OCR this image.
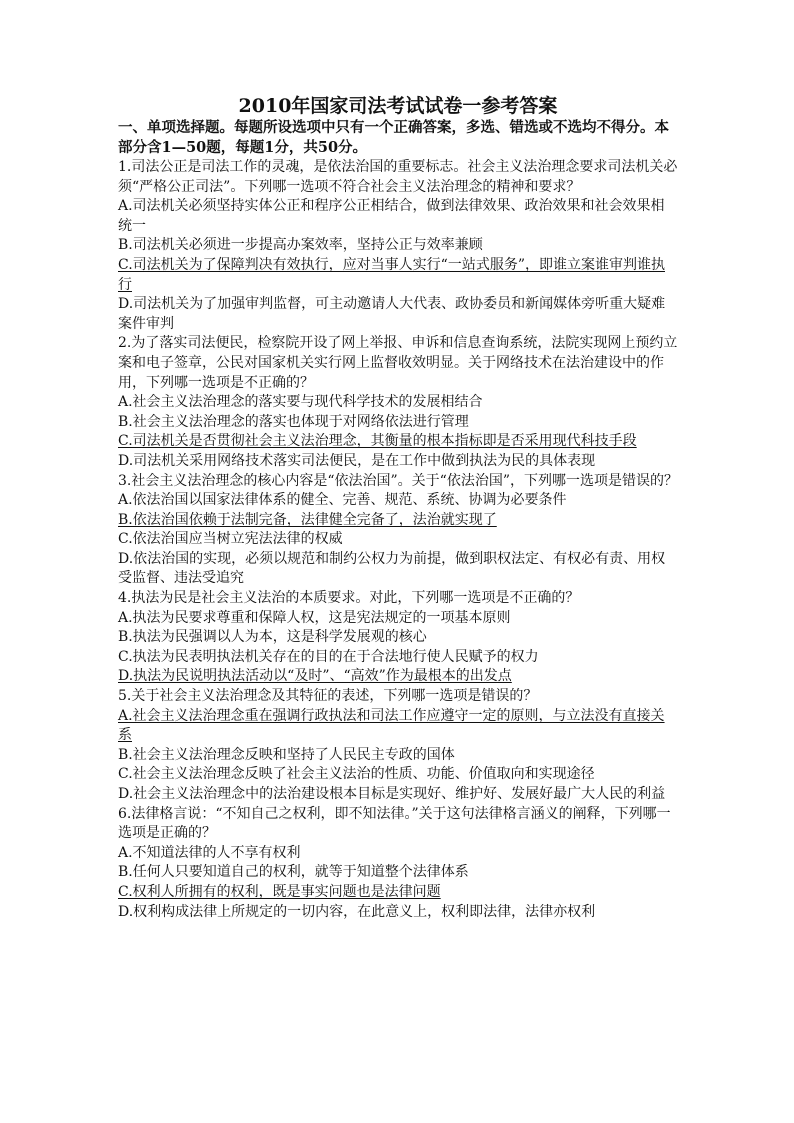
2010年国家司法考试试卷一参考答案
一、单项选择题。每题所设选项中只有一个正确答案，多选、错选或不选均不得分。本部分含1—50题，每题1分，共50分。
1.司法公正是司法工作的灵魂，是依法治国的重要标志。社会主义法治理念要求司法机关必须“严格公正司法”。下列哪一选项不符合社会主义法治理念的精神和要求？
A.司法机关必须坚持实体公正和程序公正相结合，做到法律效果、政治效果和社会效果相统一
B.司法机关必须进一步提高办案效率，坚持公正与效率兼顾
C.司法机关为了保障判决有效执行，应对当事人实行“一站式服务”，即谁立案谁审判谁执行
D.司法机关为了加强审判监督，可主动邀请人大代表、政协委员和新闻媒体旁听重大疑难案件审判
2.为了落实司法便民，检察院开设了网上举报、申诉和信息查询系统，法院实现网上预约立案和电子签章，公民对国家机关实行网上监督收效明显。关于网络技术在法治建设中的作用，下列哪一选项是不正确的？
A.社会主义法治理念的落实要与现代科学技术的发展相结合
B.社会主义法治理念的落实也体现于对网络依法进行管理
C.司法机关是否贯彻社会主义法治理念，其衡量的根本指标即是否采用现代科技手段
D.司法机关采用网络技术落实司法便民，是在工作中做到执法为民的具体表现
3.社会主义法治理念的核心内容是“依法治国”。关于“依法治国”，下列哪一选项是错误的？
A.依法治国以国家法律体系的健全、完善、规范、系统、协调为必要条件
B.依法治国依赖于法制完备，法律健全完备了，法治就实现了
C.依法治国应当树立宪法法律的权威
D.依法治国的实现，必须以规范和制约公权力为前提，做到职权法定、有权必有责、用权受监督、违法受追究
4.执法为民是社会主义法治的本质要求。对此，下列哪一选项是不正确的？
A.执法为民要求尊重和保障人权，这是宪法规定的一项基本原则
B.执法为民强调以人为本，这是科学发展观的核心
C.执法为民表明执法机关存在的目的在于合法地行使人民赋予的权力
D.执法为民说明执法活动以“及时”、“高效”作为最根本的出发点
5.关于社会主义法治理念及其特征的表述，下列哪一选项是错误的？
A.社会主义法治理念重在强调行政执法和司法工作应遵守一定的原则，与立法没有直接关系
B.社会主义法治理念反映和坚持了人民民主专政的国体
C.社会主义法治理念反映了社会主义法治的性质、功能、价值取向和实现途径
D.社会主义法治理念中的法治建设根本目标是实现好、维护好、发展好最广大人民的利益
6.法律格言说：“不知自己之权利，即不知法律。”关于这句法律格言涵义的阐释，下列哪一选项是正确的？
A.不知道法律的人不享有权利
B.任何人只要知道自己的权利，就等于知道整个法律体系
C.权利人所拥有的权利，既是事实问题也是法律问题
D.权利构成法律上所规定的一切内容，在此意义上，权利即法律，法律亦权利
